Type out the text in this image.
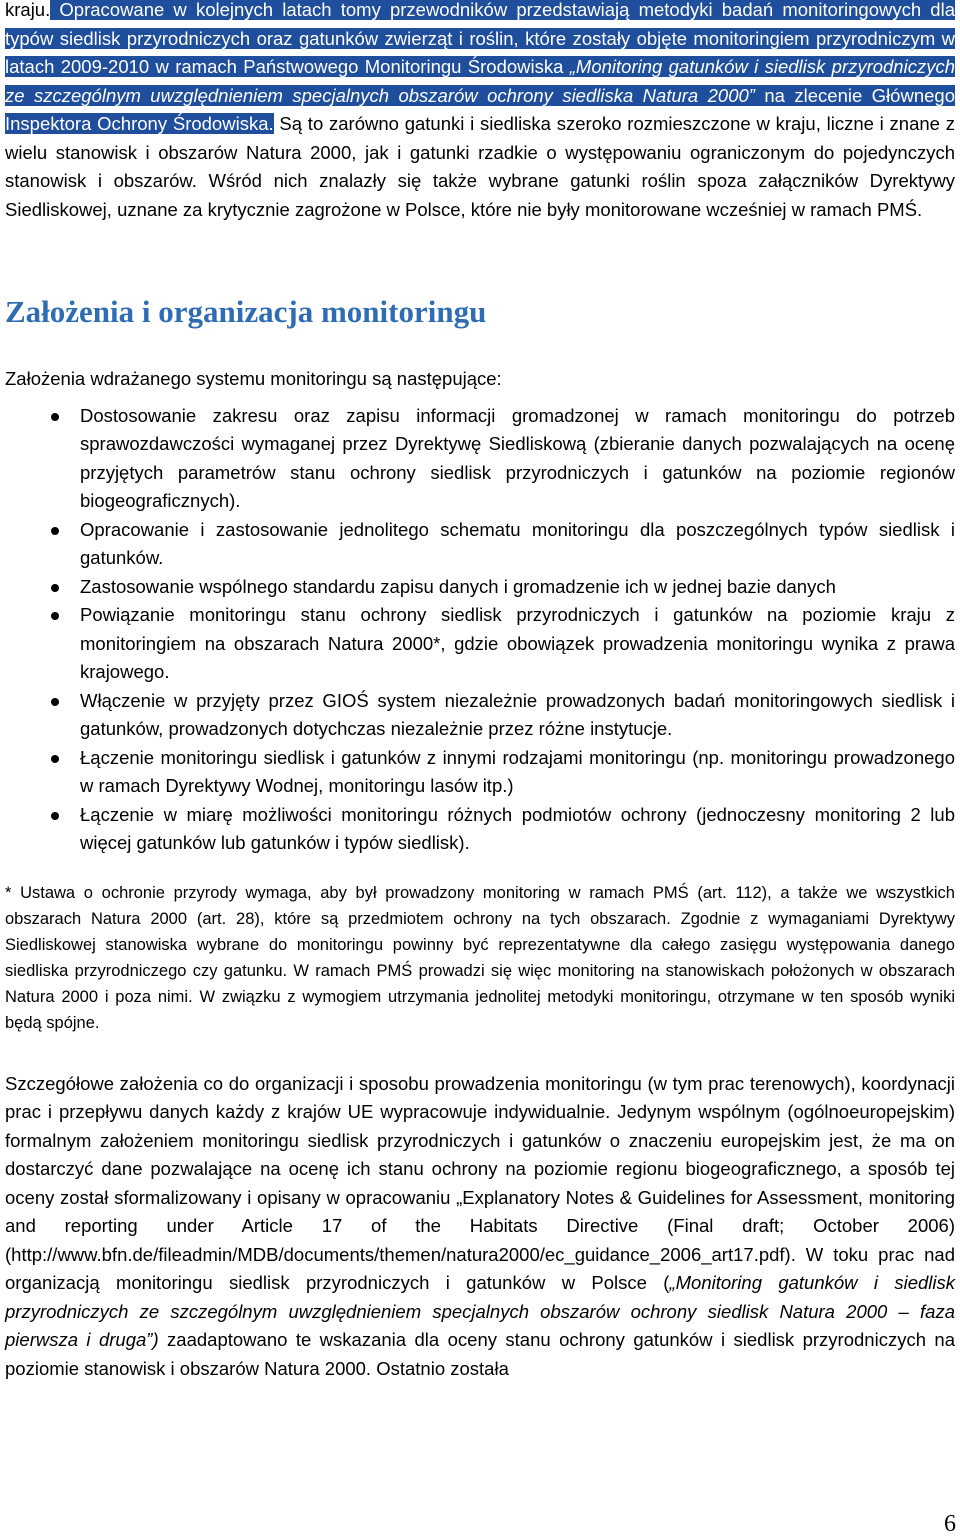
kraju. Opracowane w kolejnych latach tomy przewodników przedstawiają metodyki badań monitoringowych dla typów siedlisk przyrodniczych oraz gatunków zwierząt i roślin, które zostały objęte monitoringiem przyrodniczym w latach 2009-2010 w ramach Państwowego Monitoringu Środowiska „Monitoring gatunków i siedlisk przyrodniczych ze szczególnym uwzględnieniem specjalnych obszarów ochrony siedliska Natura 2000” na zlecenie Głównego Inspektora Ochrony Środowiska. Są to zarówno gatunki i siedliska szeroko rozmieszczone w kraju, liczne i znane z wielu stanowisk i obszarów Natura 2000, jak i gatunki rzadkie o występowaniu ograniczonym do pojedynczych stanowisk i obszarów. Wśród nich znalazły się także wybrane gatunki roślin spoza załączników Dyrektywy Siedliskowej, uznane za krytycznie zagrożone w Polsce, które nie były monitorowane wcześniej w ramach PMŚ.

Założenia i organizacja monitoringu

Założenia wdrażanego systemu monitoringu są następujące:

Dostosowanie zakresu oraz zapisu informacji gromadzonej w ramach monitoringu do potrzeb sprawozdawczości wymaganej przez Dyrektywę Siedliskową (zbieranie danych pozwalających na ocenę przyjętych parametrów stanu ochrony siedlisk przyrodniczych i gatunków na poziomie regionów biogeograficznych).
Opracowanie i zastosowanie jednolitego schematu monitoringu dla poszczególnych typów siedlisk i gatunków.
Zastosowanie wspólnego standardu zapisu danych i gromadzenie ich w jednej bazie danych
Powiązanie monitoringu stanu ochrony siedlisk przyrodniczych i gatunków na poziomie kraju z monitoringiem na obszarach Natura 2000*, gdzie obowiązek prowadzenia monitoringu wynika z prawa krajowego.
Włączenie w przyjęty przez GIOŚ system niezależnie prowadzonych badań monitoringowych siedlisk i gatunków, prowadzonych dotychczas niezależnie przez różne instytucje.
Łączenie monitoringu siedlisk i gatunków z innymi rodzajami monitoringu (np. monitoringu prowadzonego w ramach Dyrektywy Wodnej, monitoringu lasów itp.)
Łączenie w miarę możliwości monitoringu różnych podmiotów ochrony (jednoczesny monitoring 2 lub więcej gatunków lub gatunków i typów siedlisk).

* Ustawa o ochronie przyrody wymaga, aby był prowadzony monitoring w ramach PMŚ (art. 112), a także we wszystkich obszarach Natura 2000 (art. 28), które są przedmiotem ochrony na tych obszarach. Zgodnie z wymaganiami Dyrektywy Siedliskowej stanowiska wybrane do monitoringu powinny być reprezentatywne dla całego zasięgu występowania danego siedliska przyrodniczego czy gatunku. W ramach PMŚ prowadzi się więc monitoring na stanowiskach położonych w obszarach Natura 2000 i poza nimi. W związku z wymogiem utrzymania jednolitej metodyki monitoringu, otrzymane w ten sposób wyniki będą spójne.

Szczegółowe założenia co do organizacji i sposobu prowadzenia monitoringu (w tym prac terenowych), koordynacji prac i przepływu danych każdy z krajów UE wypracowuje indywidualnie. Jedynym wspólnym (ogólnoeuropejskim) formalnym założeniem monitoringu siedlisk przyrodniczych i gatunków o znaczeniu europejskim jest, że ma on dostarczyć dane pozwalające na ocenę ich stanu ochrony na poziomie regionu biogeograficznego, a sposób tej oceny został sformalizowany i opisany w opracowaniu „Explanatory Notes & Guidelines for Assessment, monitoring and reporting under Article 17 of the Habitats Directive (Final draft; October 2006) (http://www.bfn.de/fileadmin/MDB/documents/themen/natura2000/ec_guidance_2006_art17.pdf). W toku prac nad organizacją monitoringu siedlisk przyrodniczych i gatunków w Polsce („Monitoring gatunków i siedlisk przyrodniczych ze szczególnym uwzględnieniem specjalnych obszarów ochrony siedlisk Natura 2000 – faza pierwsza i druga”) zaadaptowano te wskazania dla oceny stanu ochrony gatunków i siedlisk przyrodniczych na poziomie stanowisk i obszarów Natura 2000. Ostatnio została

6
